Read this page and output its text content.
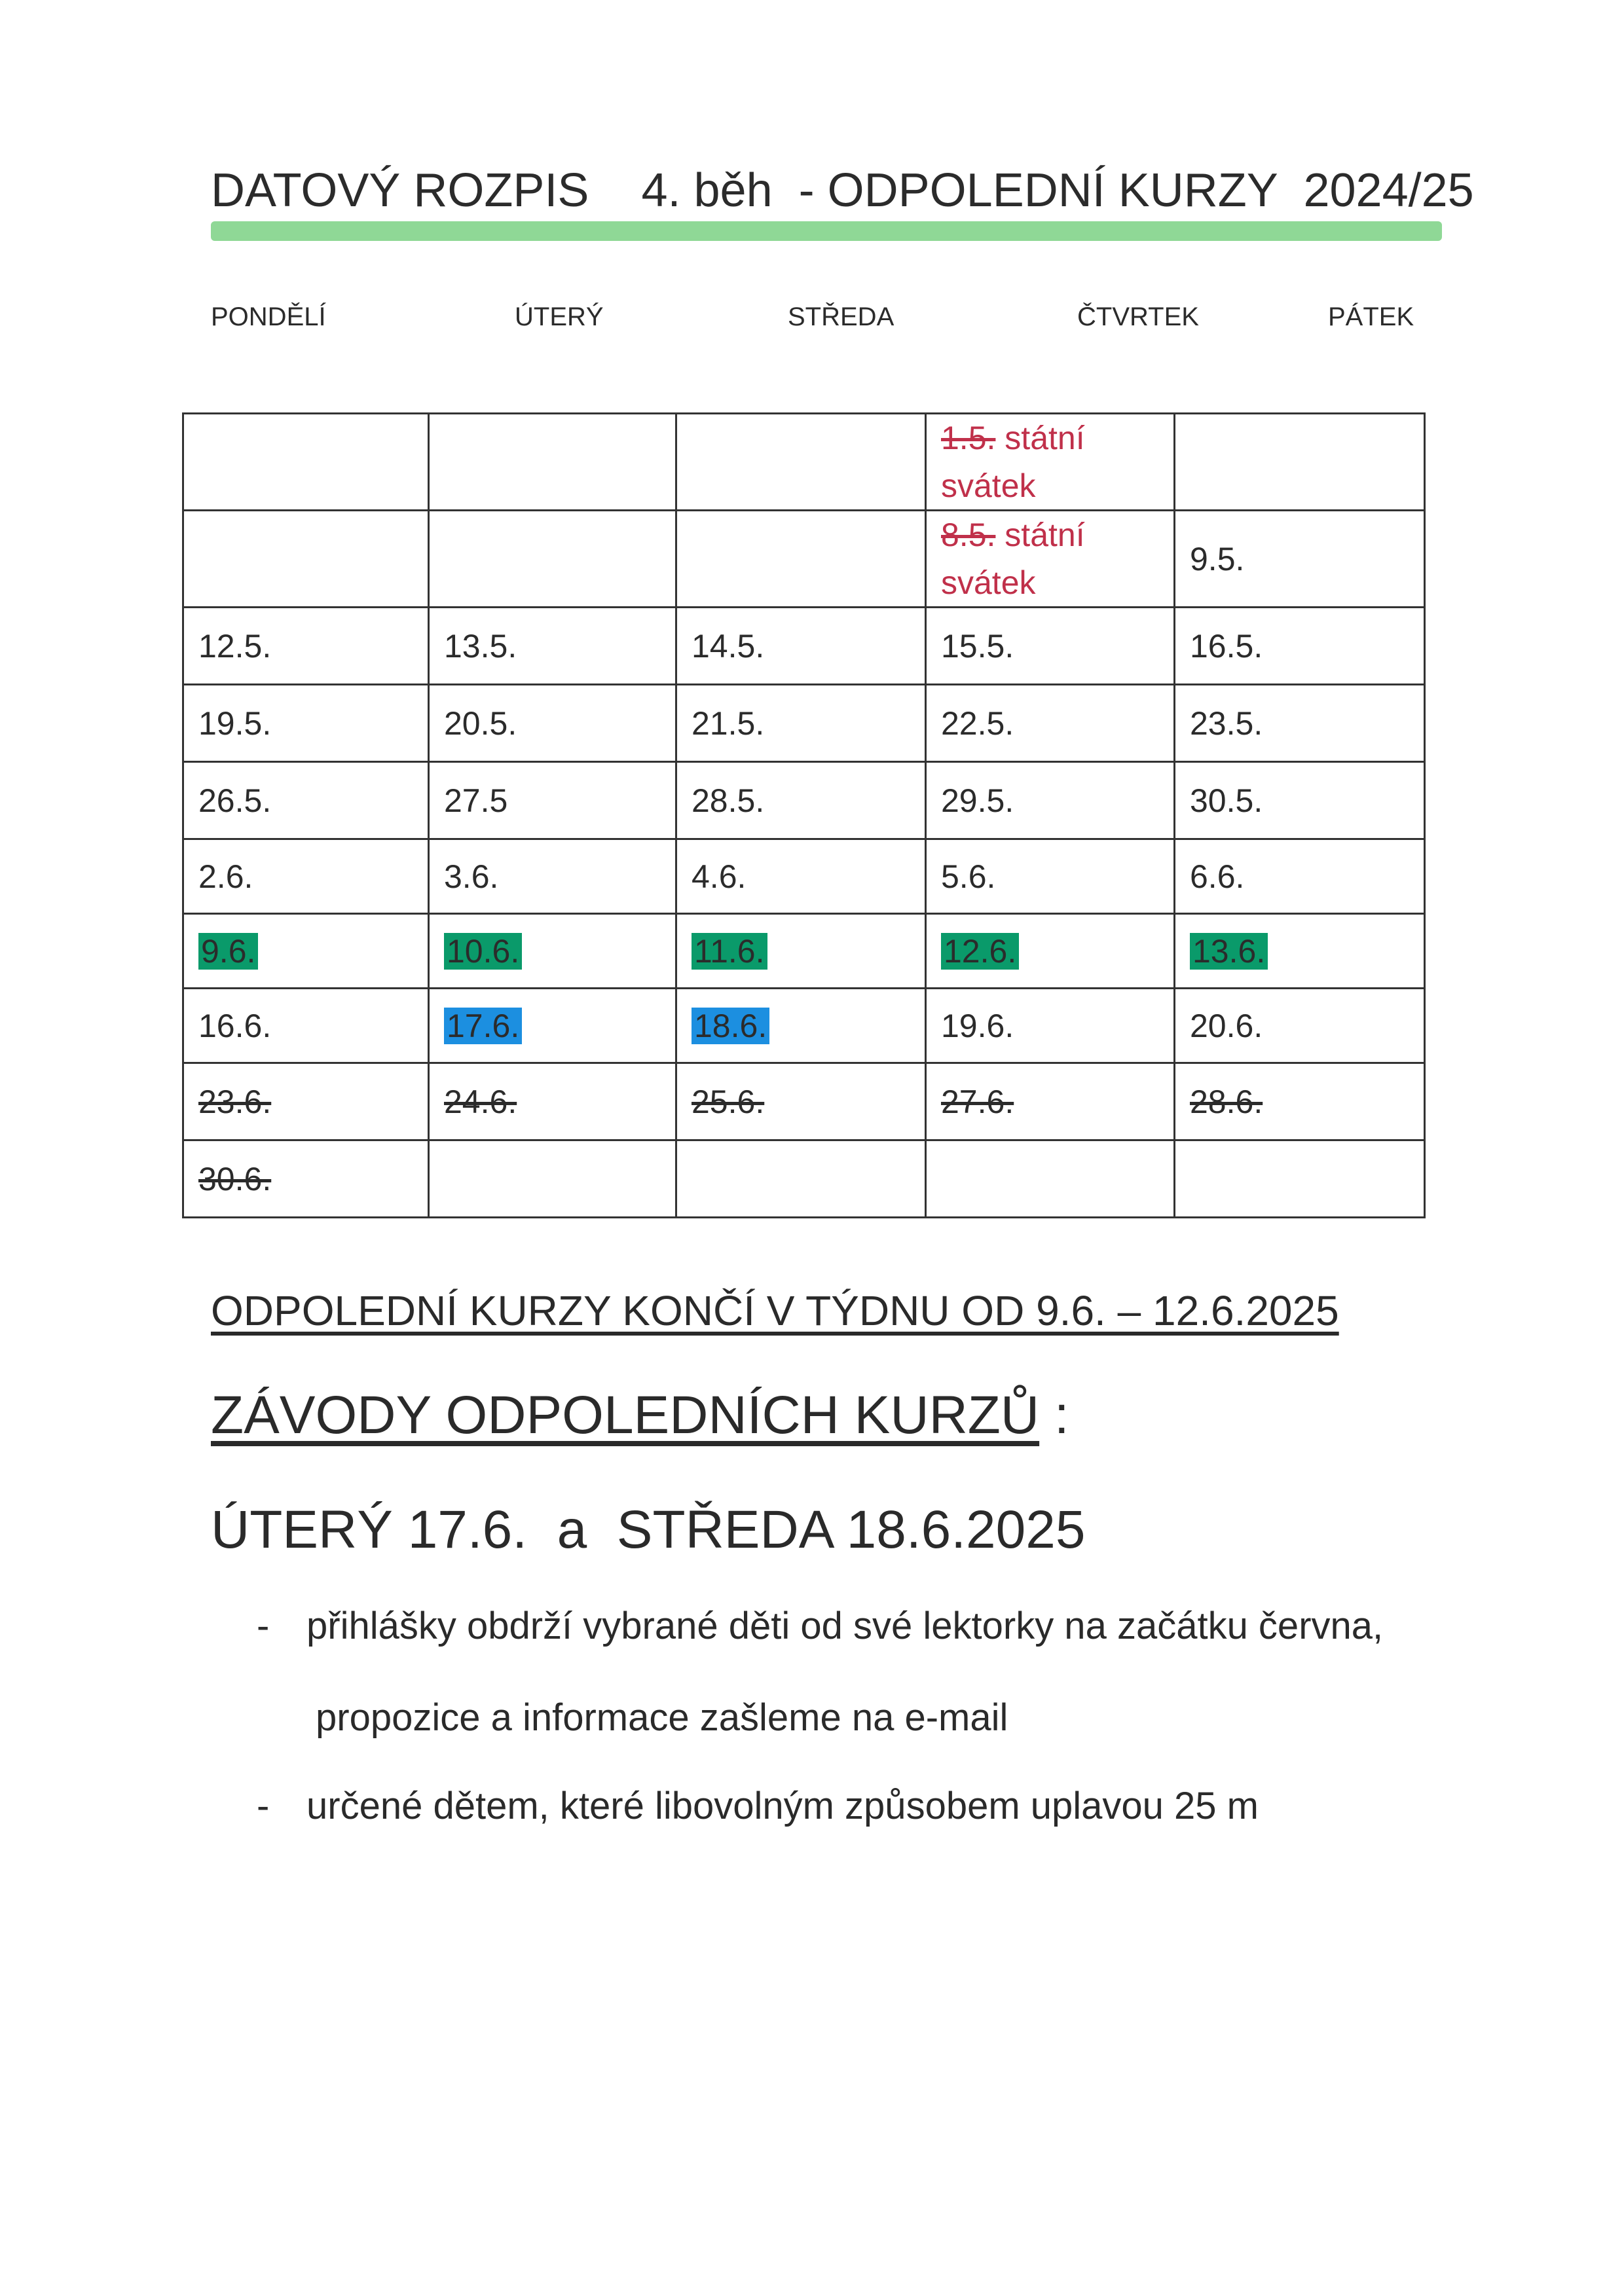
DATOVÝ ROZPIS    4. běh  - ODPOLEDNÍ KURZY  2024/25
PONDĚLÍ	ÚTERÝ	STŘEDA	ČTVRTEK	PÁTEK

			1.5. státní svátek	

			8.5. státní svátek	9.5.
12.5.	13.5.	14.5.	15.5.	16.5.
19.5.	20.5.	21.5.	22.5.	23.5.
26.5.	27.5	28.5.	29.5.	30.5.
2.6.	3.6.	4.6.	5.6.	6.6.
9.6.	10.6.	11.6.	12.6.	13.6.
16.6.	17.6.	18.6.	19.6.	20.6.
23.6.	24.6.	25.6.	27.6.	28.6.
30.6.				
ODPOLEDNÍ KURZY KONČÍ V TÝDNU OD 9.6. – 12.6.2025
ZÁVODY ODPOLEDNÍCH KURZŮ :
ÚTERÝ 17.6.  a  STŘEDA 18.6.2025
- přihlášky obdrží vybrané děti od své lektorky na začátku června,
propozice a informace zašleme na e-mail
- určené dětem, které libovolným způsobem uplavou 25 m
